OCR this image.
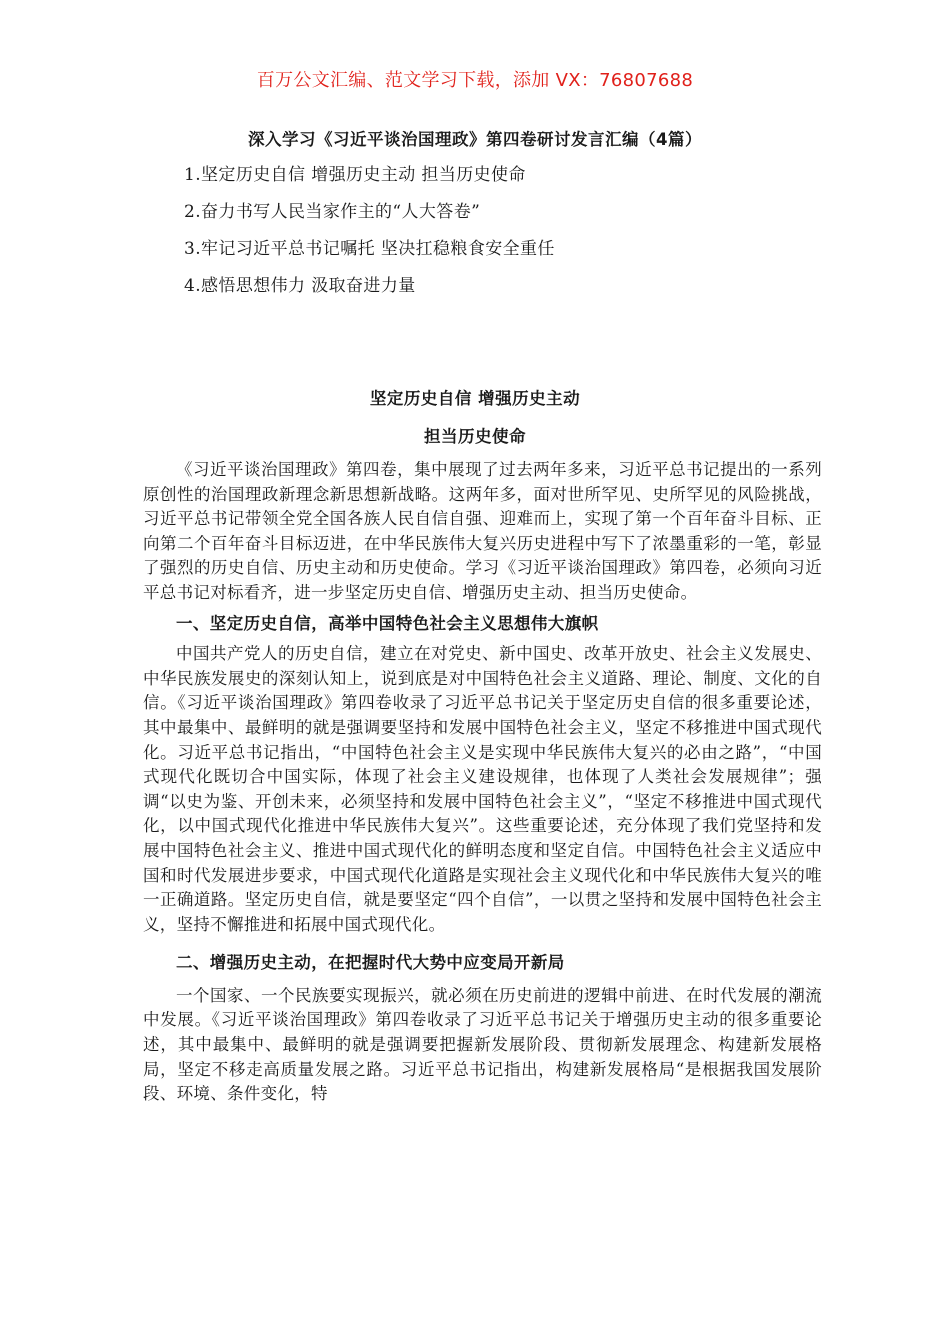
百万公文汇编、范文学习下载，添加 VX：76807688
深入学习《习近平谈治国理政》第四卷研讨发言汇编（4篇）
1.坚定历史自信 增强历史主动 担当历史使命
2.奋力书写人民当家作主的“人大答卷”
3.牢记习近平总书记嘱托 坚决扛稳粮食安全重任
4.感悟思想伟力 汲取奋进力量
坚定历史自信 增强历史主动
担当历史使命

《习近平谈治国理政》第四卷，集中展现了过去两年多来，习近平总书记提出的一系列原创性的治国理政新理念新思想新战略。这两年多，面对世所罕见、史所罕见的风险挑战，习近平总书记带领全党全国各族人民自信自强、迎难而上，实现了第一个百年奋斗目标、正向第二个百年奋斗目标迈进，在中华民族伟大复兴历史进程中写下了浓墨重彩的一笔，彰显了强烈的历史自信、历史主动和历史使命。学习《习近平谈治国理政》第四卷，必须向习近平总书记对标看齐，进一步坚定历史自信、增强历史主动、担当历史使命。

一、坚定历史自信，高举中国特色社会主义思想伟大旗帜

中国共产党人的历史自信，建立在对党史、新中国史、改革开放史、社会主义发展史、中华民族发展史的深刻认知上，说到底是对中国特色社会主义道路、理论、制度、文化的自信。《习近平谈治国理政》第四卷收录了习近平总书记关于坚定历史自信的很多重要论述，其中最集中、最鲜明的就是强调要坚持和发展中国特色社会主义，坚定不移推进中国式现代化。习近平总书记指出，“中国特色社会主义是实现中华民族伟大复兴的必由之路”，“中国式现代化既切合中国实际，体现了社会主义建设规律，也体现了人类社会发展规律”；强调“以史为鉴、开创未来，必须坚持和发展中国特色社会主义”，“坚定不移推进中国式现代化，以中国式现代化推进中华民族伟大复兴”。这些重要论述，充分体现了我们党坚持和发展中国特色社会主义、推进中国式现代化的鲜明态度和坚定自信。中国特色社会主义适应中国和时代发展进步要求，中国式现代化道路是实现社会主义现代化和中华民族伟大复兴的唯一正确道路。坚定历史自信，就是要坚定“四个自信”，一以贯之坚持和发展中国特色社会主义，坚持不懈推进和拓展中国式现代化。

二、增强历史主动，在把握时代大势中应变局开新局

一个国家、一个民族要实现振兴，就必须在历史前进的逻辑中前进、在时代发展的潮流中发展。《习近平谈治国理政》第四卷收录了习近平总书记关于增强历史主动的很多重要论述，其中最集中、最鲜明的就是强调要把握新发展阶段、贯彻新发展理念、构建新发展格局，坚定不移走高质量发展之路。习近平总书记指出，构建新发展格局“是根据我国发展阶段、环境、条件变化，特
